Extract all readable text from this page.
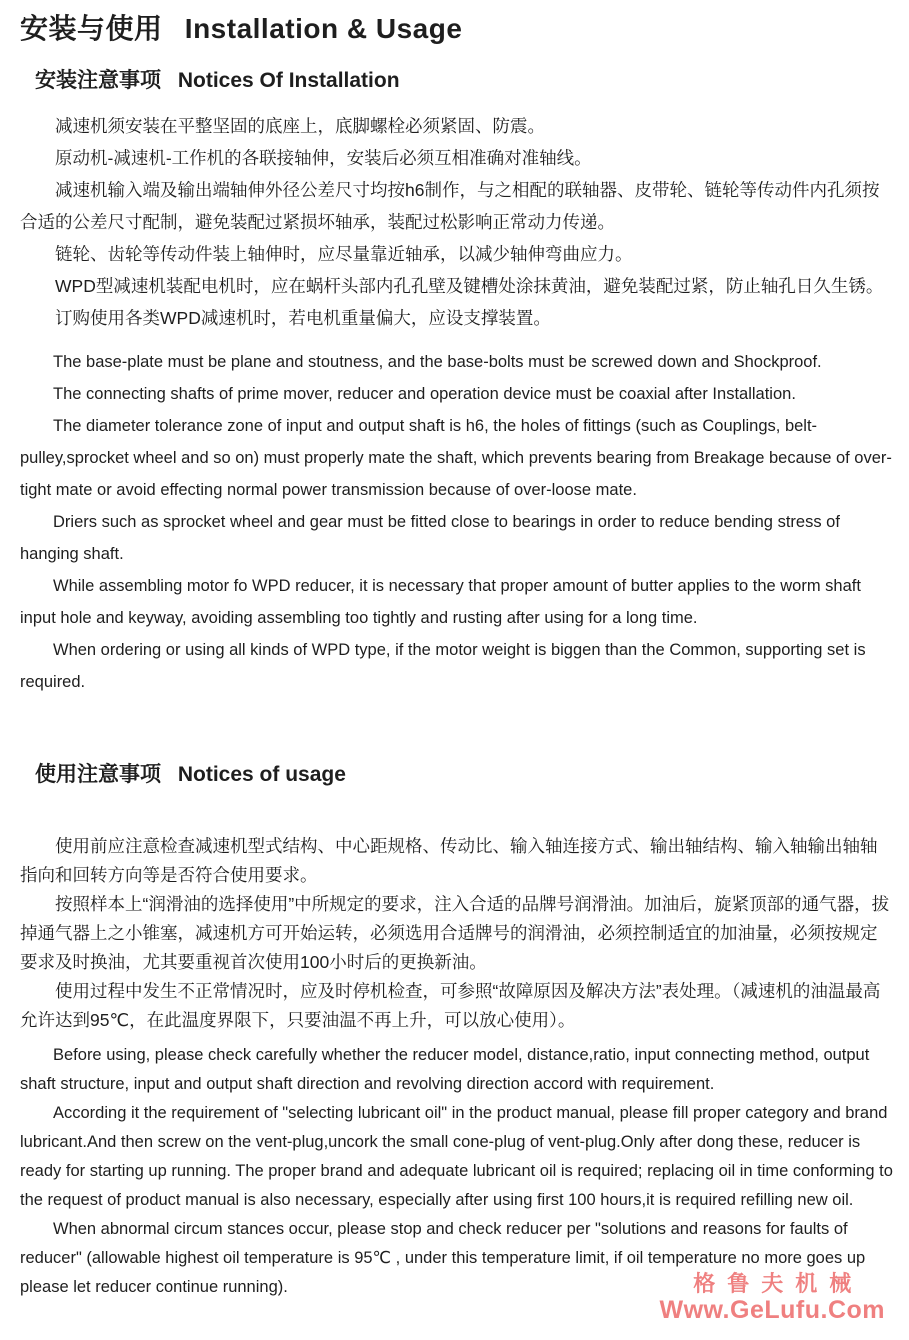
安装与使用 Installation & Usage
安装注意事项 Notices Of Installation

减速机须安装在平整坚固的底座上，底脚螺栓必须紧固、防震。

原动机-减速机-工作机的各联接轴伸，安装后必须互相准确对准轴线。

减速机输入端及输出端轴伸外径公差尺寸均按h6制作，与之相配的联轴器、皮带轮、链轮等传动件内孔须按合适的公差尺寸配制，避免装配过紧损坏轴承，装配过松影响正常动力传递。

链轮、齿轮等传动件装上轴伸时，应尽量靠近轴承，以减少轴伸弯曲应力。

WPD型减速机装配电机时，应在蜗杆头部内孔孔壁及键槽处涂抹黄油，避免装配过紧，防止轴孔日久生锈。

订购使用各类WPD减速机时，若电机重量偏大，应设支撑装置。

The base-plate must be plane and stoutness, and the base-bolts must be screwed down and Shockproof.

The connecting shafts of prime mover, reducer and operation device must be coaxial after Installation.

The diameter tolerance zone of input and output shaft is h6, the holes of fittings (such as Couplings, belt-pulley,sprocket wheel and so on) must properly mate the shaft, which prevents bearing from Breakage because of over-tight mate or avoid effecting normal power transmission because of over-loose mate.

Driers such as sprocket wheel and gear must be fitted close to bearings in order to reduce bending stress of hanging shaft.

While assembling motor fo WPD reducer, it is necessary that proper amount of butter applies to the worm shaft input hole and keyway, avoiding assembling too tightly and rusting after using for a long time.

When ordering or using all kinds of WPD type, if the motor weight is biggen than the Common, supporting set is required.

使用注意事项 Notices of usage

使用前应注意检查减速机型式结构、中心距规格、传动比、输入轴连接方式、输出轴结构、输入轴输出轴轴指向和回转方向等是否符合使用要求。

按照样本上“润滑油的选择使用”中所规定的要求，注入合适的品牌号润滑油。加油后，旋紧顶部的通气器，拔掉通气器上之小锥塞，减速机方可开始运转，必须选用合适牌号的润滑油，必须控制适宜的加油量，必须按规定要求及时换油，尤其要重视首次使用100小时后的更换新油。

使用过程中发生不正常情况时，应及时停机检查，可参照“故障原因及解决方法”表处理。（减速机的油温最高允许达到95℃，在此温度界限下，只要油温不再上升，可以放心使用）。

Before using, please check carefully whether the reducer model, distance,ratio, input connecting method, output shaft structure, input and output shaft direction and revolving direction accord with requirement.

According it the requirement of "selecting lubricant oil" in the product manual, please fill proper category and brand lubricant.And then screw on the vent-plug,uncork the small cone-plug of vent-plug.Only after dong these, reducer is ready for starting up running. The proper brand and adequate lubricant oil is required; replacing oil in time conforming to the request of product manual is also necessary, especially after using first 100 hours,it is required refilling new oil.

When abnormal circum stances occur, please stop and check reducer per "solutions and reasons for faults of reducer" (allowable highest oil temperature is 95℃ , under this temperature limit, if oil temperature no more goes up please let reducer continue running).	格鲁夫机械
Www.GeLufu.Com
